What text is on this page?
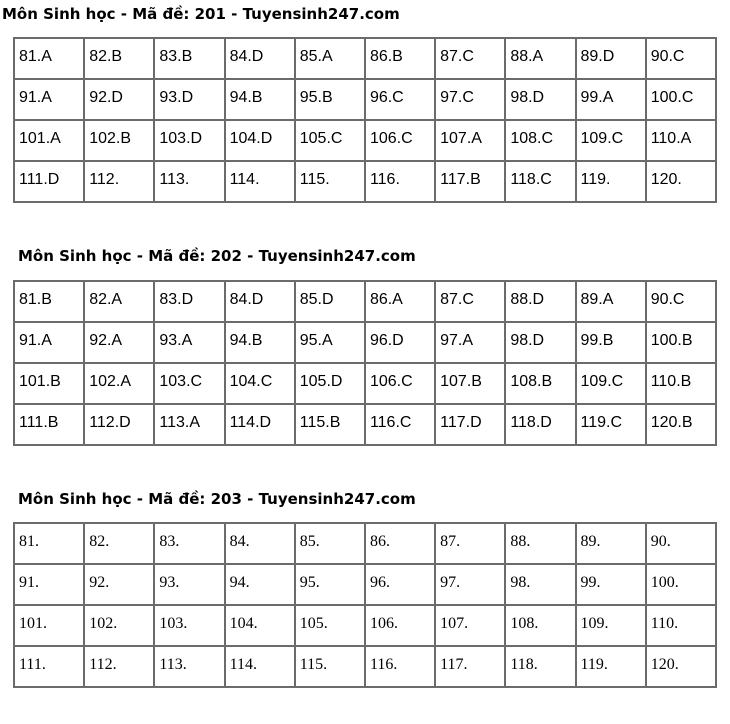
Môn Sinh học - Mã đề: 201 - Tuyensinh247.com
81.A	82.B	83.B	84.D	85.A	86.B	87.C	88.A	89.D	90.C

91.A	92.D	93.D	94.B	95.B	96.C	97.C	98.D	99.A	100.C

101.A	102.B	103.D	104.D	105.C	106.C	107.A	108.C	109.C	110.A

111.D	112.	113.	114.	115.	116.	117.B	118.C	119.	120.
Môn Sinh học - Mã đề: 202 - Tuyensinh247.com
81.B	82.A	83.D	84.D	85.D	86.A	87.C	88.D	89.A	90.C

91.A	92.A	93.A	94.B	95.A	96.D	97.A	98.D	99.B	100.B

101.B	102.A	103.C	104.C	105.D	106.C	107.B	108.B	109.C	110.B

111.B	112.D	113.A	114.D	115.B	116.C	117.D	118.D	119.C	120.B
Môn Sinh học - Mã đề: 203 - Tuyensinh247.com
81.	82.	83.	84.	85.	86.	87.	88.	89.	90.

91.	92.	93.	94.	95.	96.	97.	98.	99.	100.

101.	102.	103.	104.	105.	106.	107.	108.	109.	110.

111.	112.	113.	114.	115.	116.	117.	118.	119.	120.
